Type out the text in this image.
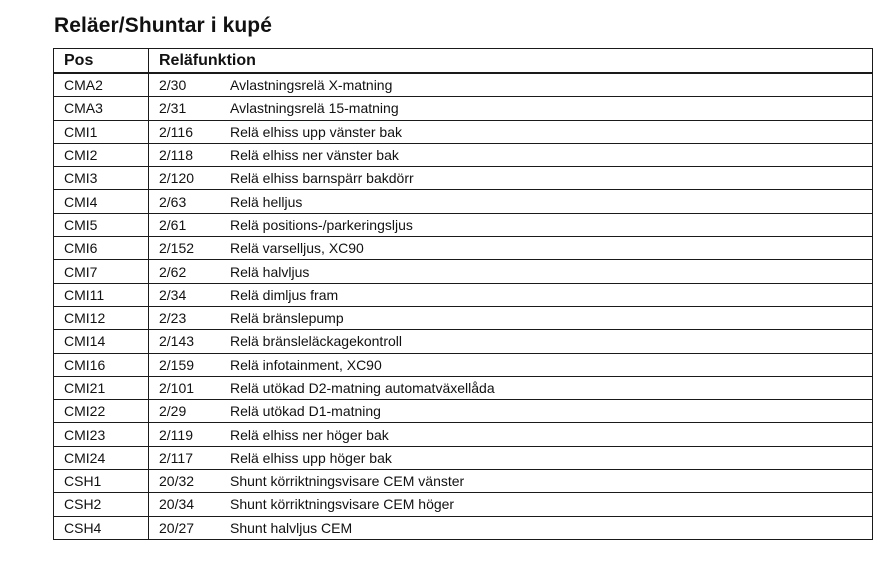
Reläer/Shuntar i kupé
Pos	Reläfunktion
CMA2	2/30 Avlastningsrelä X-matning
CMA3	2/31 Avlastningsrelä 15-matning
CMI1	2/116 Relä elhiss upp vänster bak
CMI2	2/118 Relä elhiss ner vänster bak
CMI3	2/120 Relä elhiss barnspärr bakdörr
CMI4	2/63 Relä helljus
CMI5	2/61 Relä positions-/parkeringsljus
CMI6	2/152 Relä varselljus, XC90
CMI7	2/62 Relä halvljus
CMI11	2/34 Relä dimljus fram
CMI12	2/23 Relä bränslepump
CMI14	2/143 Relä bränsleläckagekontroll
CMI16	2/159 Relä infotainment, XC90
CMI21	2/101 Relä utökad D2-matning automatväxellåda
CMI22	2/29 Relä utökad D1-matning
CMI23	2/119 Relä elhiss ner höger bak
CMI24	2/117 Relä elhiss upp höger bak
CSH1	20/32 Shunt körriktningsvisare CEM vänster
CSH2	20/34 Shunt körriktningsvisare CEM höger
CSH4	20/27 Shunt halvljus CEM
